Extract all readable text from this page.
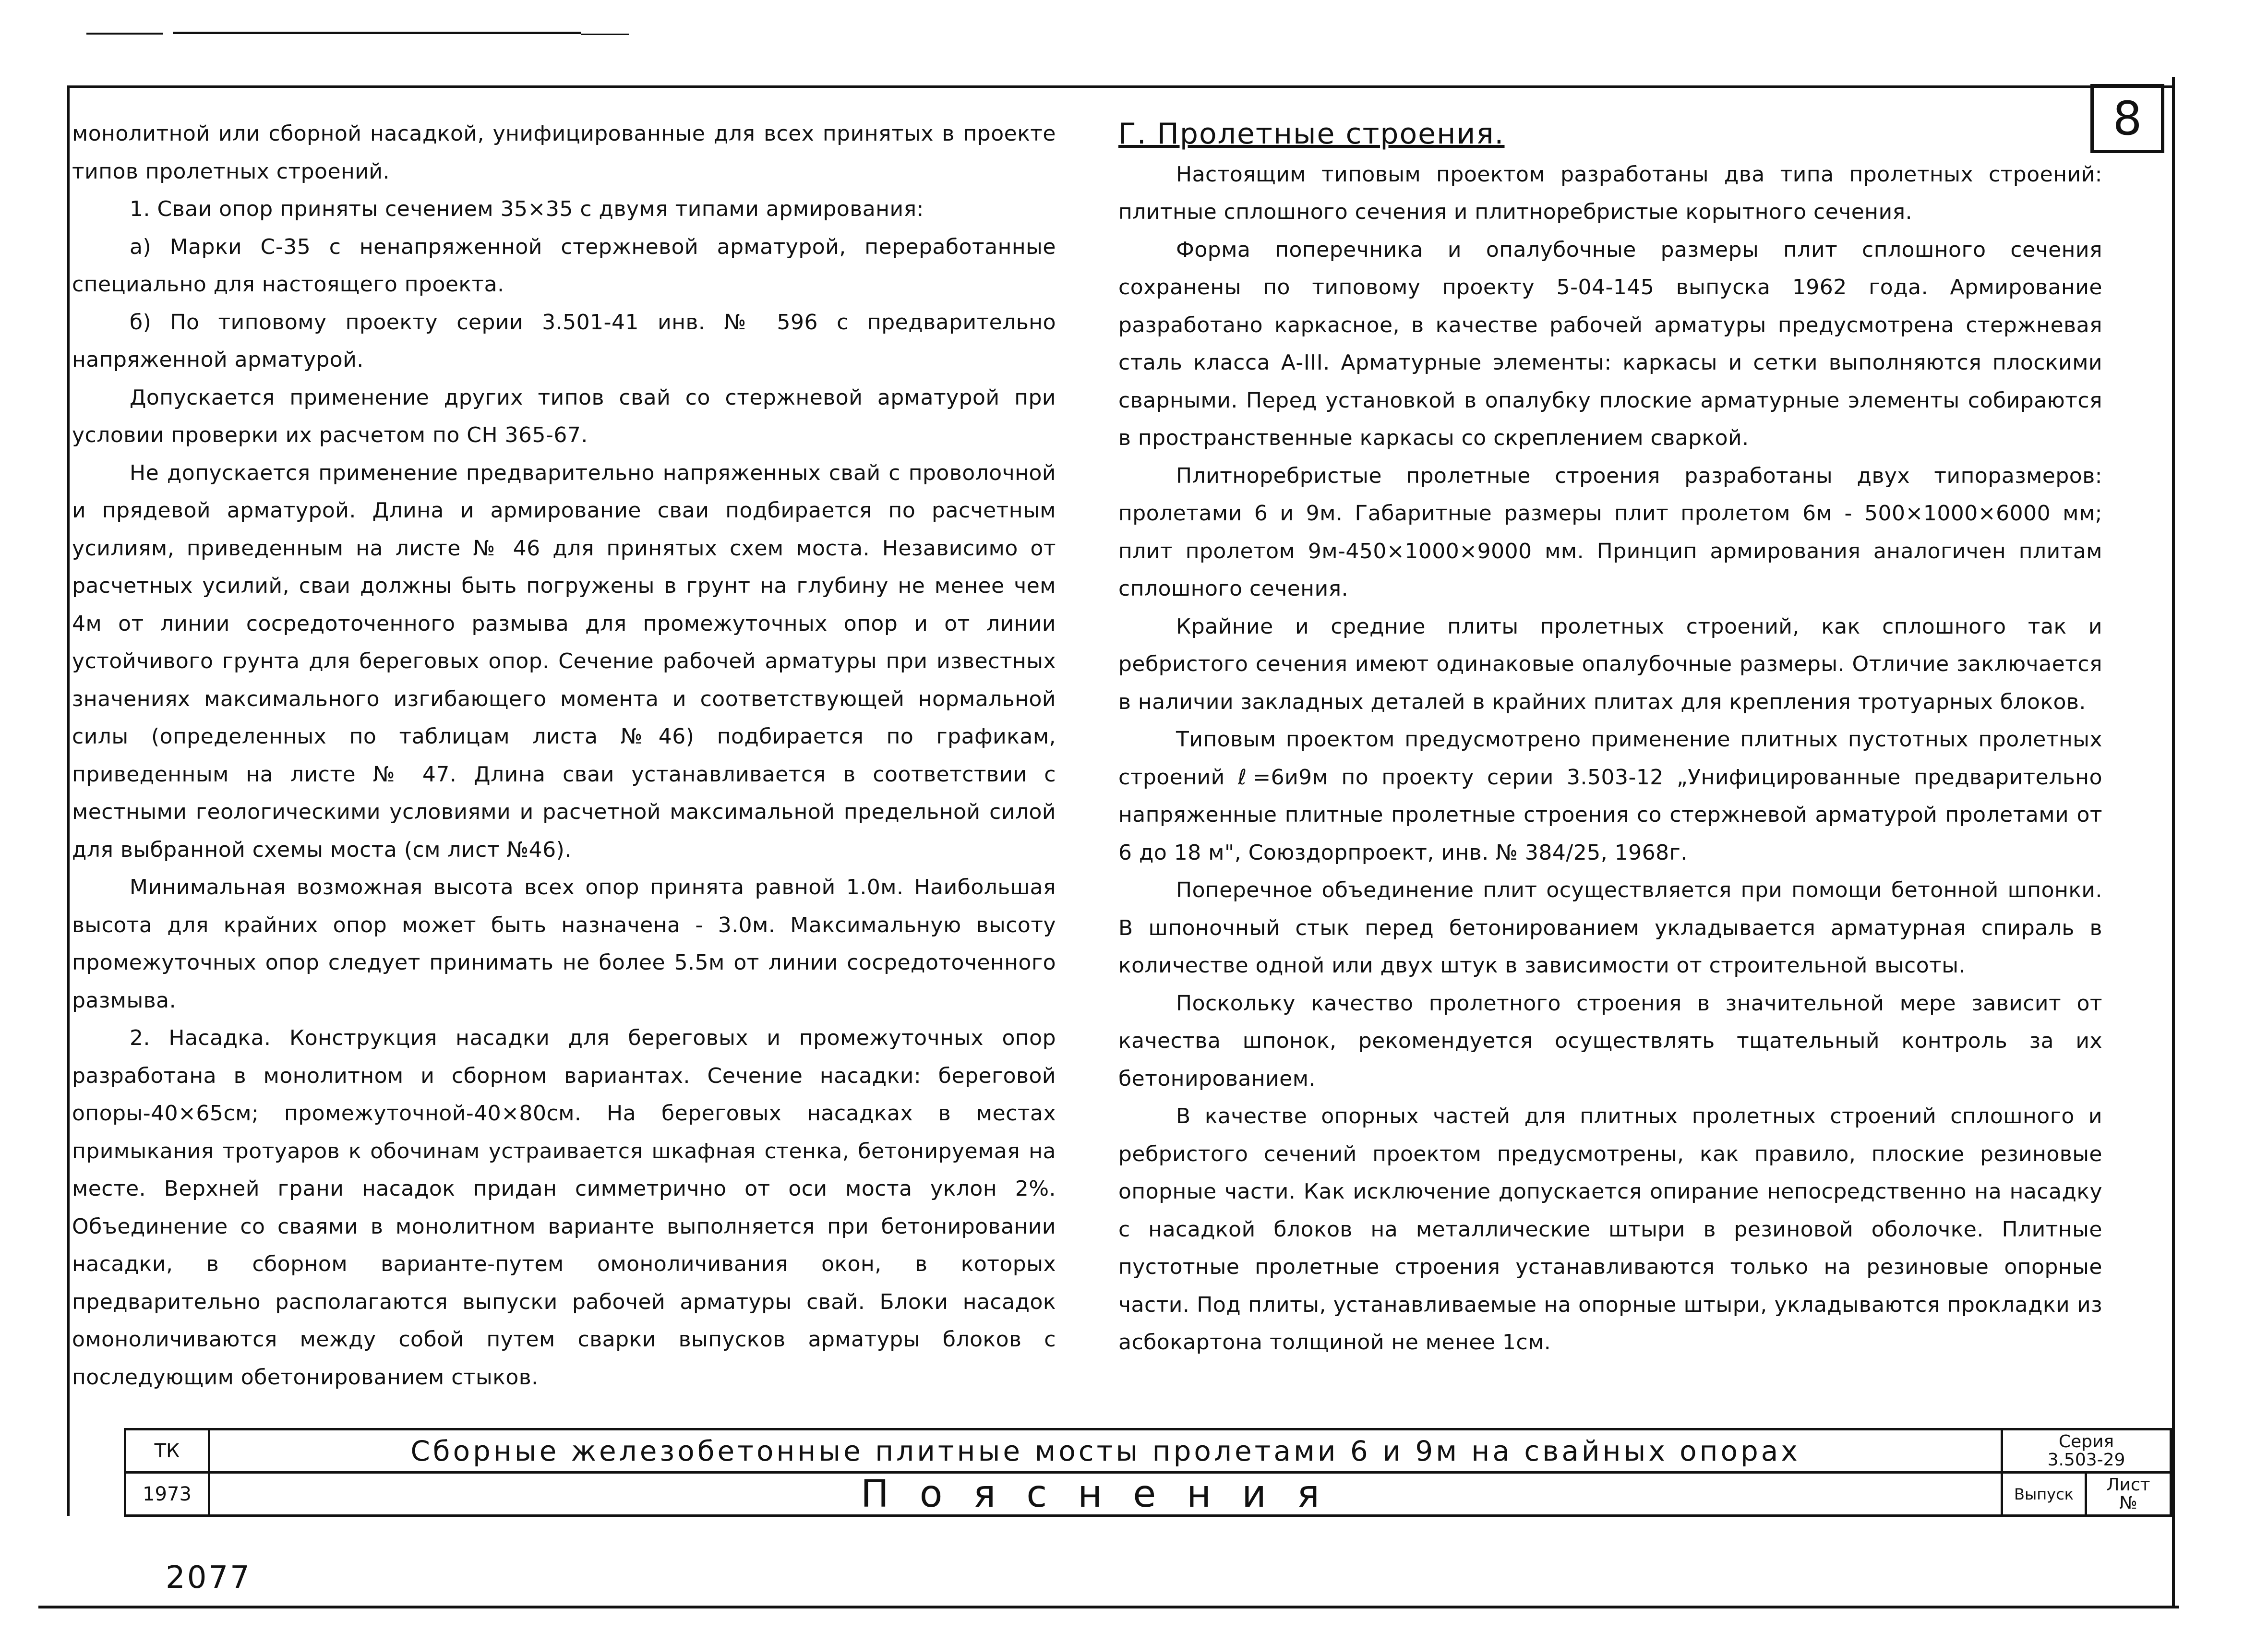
8

монолитной или сборной насадкой, унифицированные для всех принятых в проекте типов пролетных строений.

1. Сваи опор приняты сечением 35×35 с двумя типами армирования:

а) Марки С-35 с ненапряженной стержневой арматурой, переработанные специально для настоящего проекта.

б) По типовому проекту серии 3.501-41 инв. № 596 с предварительно напряженной арматурой.

Допускается применение других типов свай со стержневой арматурой при условии проверки их расчетом по СН 365-67.

Не допускается применение предварительно напряженных свай с проволочной и прядевой арматурой. Длина и армирование сваи подбирается по расчетным усилиям, приведенным на листе № 46 для принятых схем моста. Независимо от расчетных усилий, сваи должны быть погружены в грунт на глубину не менее чем 4м от линии сосредоточенного размыва для промежуточных опор и от линии устойчивого грунта для береговых опор. Сечение рабочей арматуры при известных значениях максимального изгибающего момента и соответствующей нормальной силы (определенных по таблицам листа №46) подбирается по графикам, приведенным на листе № 47. Длина сваи устанавливается в соответствии с местными геологическими условиями и расчетной максимальной предельной силой для выбранной схемы моста (см лист №46).

Минимальная возможная высота всех опор принята равной 1.0м. Наибольшая высота для крайних опор может быть назначена - 3.0м. Максимальную высоту промежуточных опор следует принимать не более 5.5м от линии сосредоточенного размыва.

2. Насадка. Конструкция насадки для береговых и промежуточных опор разработана в монолитном и сборном вариантах. Сечение насадки: береговой опоры-40×65см; промежуточной-40×80см. На береговых насадках в местах примыкания тротуаров к обочинам устраивается шкафная стенка, бетонируемая на месте. Верхней грани насадок придан симметрично от оси моста уклон 2%. Объединение со сваями в монолитном варианте выполняется при бетонировании насадки, в сборном варианте-путем омоноличивания окон, в которых предварительно располагаются выпуски рабочей арматуры свай. Блоки насадок омоноличиваются между собой путем сварки выпусков арматуры блоков с последующим обетонированием стыков.

Г. Пролетные строения.

Настоящим типовым проектом разработаны два типа пролетных строений: плитные сплошного сечения и плитноребристые корытного сечения.

Форма поперечника и опалубочные размеры плит сплошного сечения сохранены по типовому проекту 5-04-145 выпуска 1962 года. Армирование разработано каркасное, в качестве рабочей арматуры предусмотрена стержневая сталь класса А-III. Арматурные элементы: каркасы и сетки выполняются плоскими сварными. Перед установкой в опалубку плоские арматурные элементы собираются в пространственные каркасы со скреплением сваркой.

Плитноребристые пролетные строения разработаны двух типоразмеров: пролетами 6 и 9м. Габаритные размеры плит пролетом 6м - 500×1000×6000 мм; плит пролетом 9м-450×1000×9000 мм. Принцип армирования аналогичен плитам сплошного сечения.

Крайние и средние плиты пролетных строений, как сплошного так и ребристого сечения имеют одинаковые опалубочные размеры. Отличие заключается в наличии закладных деталей в крайних плитах для крепления тротуарных блоков.

Типовым проектом предусмотрено применение плитных пустотных пролетных строений ℓ=6и9м по проекту серии 3.503-12 „Унифицированные предварительно напряженные плитные пролетные строения со стержневой арматурой пролетами от 6 до 18 м", Союздорпроект, инв. № 384/25, 1968г.

Поперечное объединение плит осуществляется при помощи бетонной шпонки. В шпоночный стык перед бетонированием укладывается арматурная спираль в количестве одной или двух штук в зависимости от строительной высоты.

Поскольку качество пролетного строения в значительной мере зависит от качества шпонок, рекомендуется осуществлять тщательный контроль за их бетонированием.

В качестве опорных частей для плитных пролетных строений сплошного и ребристого сечений проектом предусмотрены, как правило, плоские резиновые опорные части. Как исключение допускается опирание непосредственно на насадку с насадкой блоков на металлические штыри в резиновой оболочке. Плитные пустотные пролетные строения устанавливаются только на резиновые опорные части. Под плиты, устанавливаемые на опорные штыри, укладываются прокладки из асбокартона толщиной не менее 1см.

ТК
1973
Сборные железобетонные плитные мосты пролетами 6 и 9м на свайных опорах
Пояснения
Серия
3.503-29
Выпуск	Лист
№
2077
